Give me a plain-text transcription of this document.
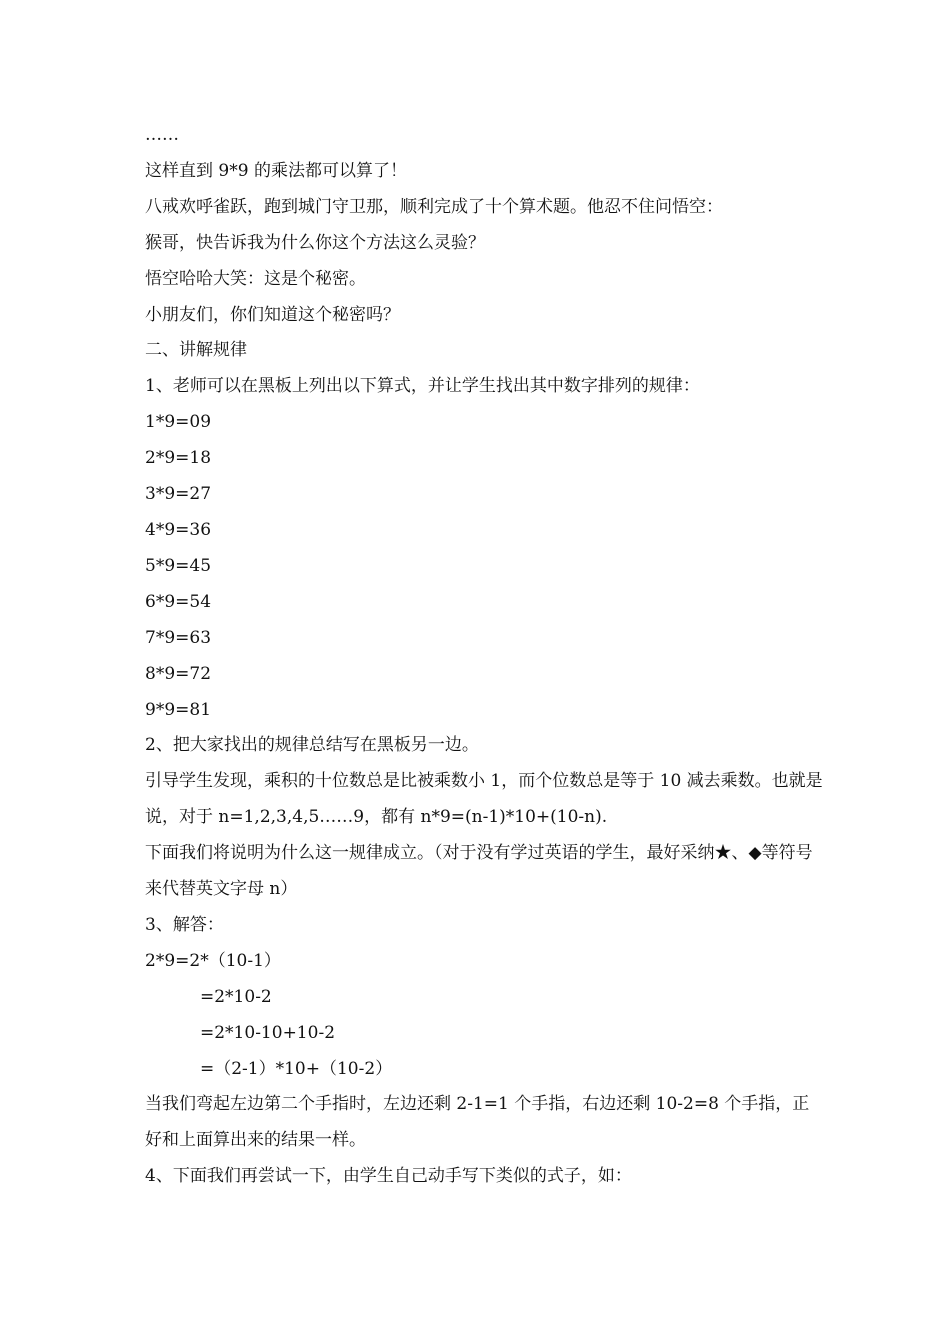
……
这样直到 9*9 的乘法都可以算了！
八戒欢呼雀跃，跑到城门守卫那，顺利完成了十个算术题。他忍不住问悟空：
猴哥，快告诉我为什么你这个方法这么灵验？
悟空哈哈大笑：这是个秘密。
小朋友们，你们知道这个秘密吗？
二、讲解规律
1、老师可以在黑板上列出以下算式，并让学生找出其中数字排列的规律：
1*9=09
2*9=18
3*9=27
4*9=36
5*9=45
6*9=54
7*9=63
8*9=72
9*9=81
2、把大家找出的规律总结写在黑板另一边。
引导学生发现，乘积的十位数总是比被乘数小 1，而个位数总是等于 10 减去乘数。也就是说，对于 n=1,2,3,4,5……9，都有 n*9=(n-1)*10+(10-n).
下面我们将说明为什么这一规律成立。（对于没有学过英语的学生，最好采纳★、◆等符号来代替英文字母 n）
3、解答：
2*9=2*（10-1）
=2*10-2
=2*10-10+10-2
=（2-1）*10+（10-2）
当我们弯起左边第二个手指时，左边还剩 2-1=1 个手指，右边还剩 10-2=8 个手指，正好和上面算出来的结果一样。
4、下面我们再尝试一下，由学生自己动手写下类似的式子，如：
